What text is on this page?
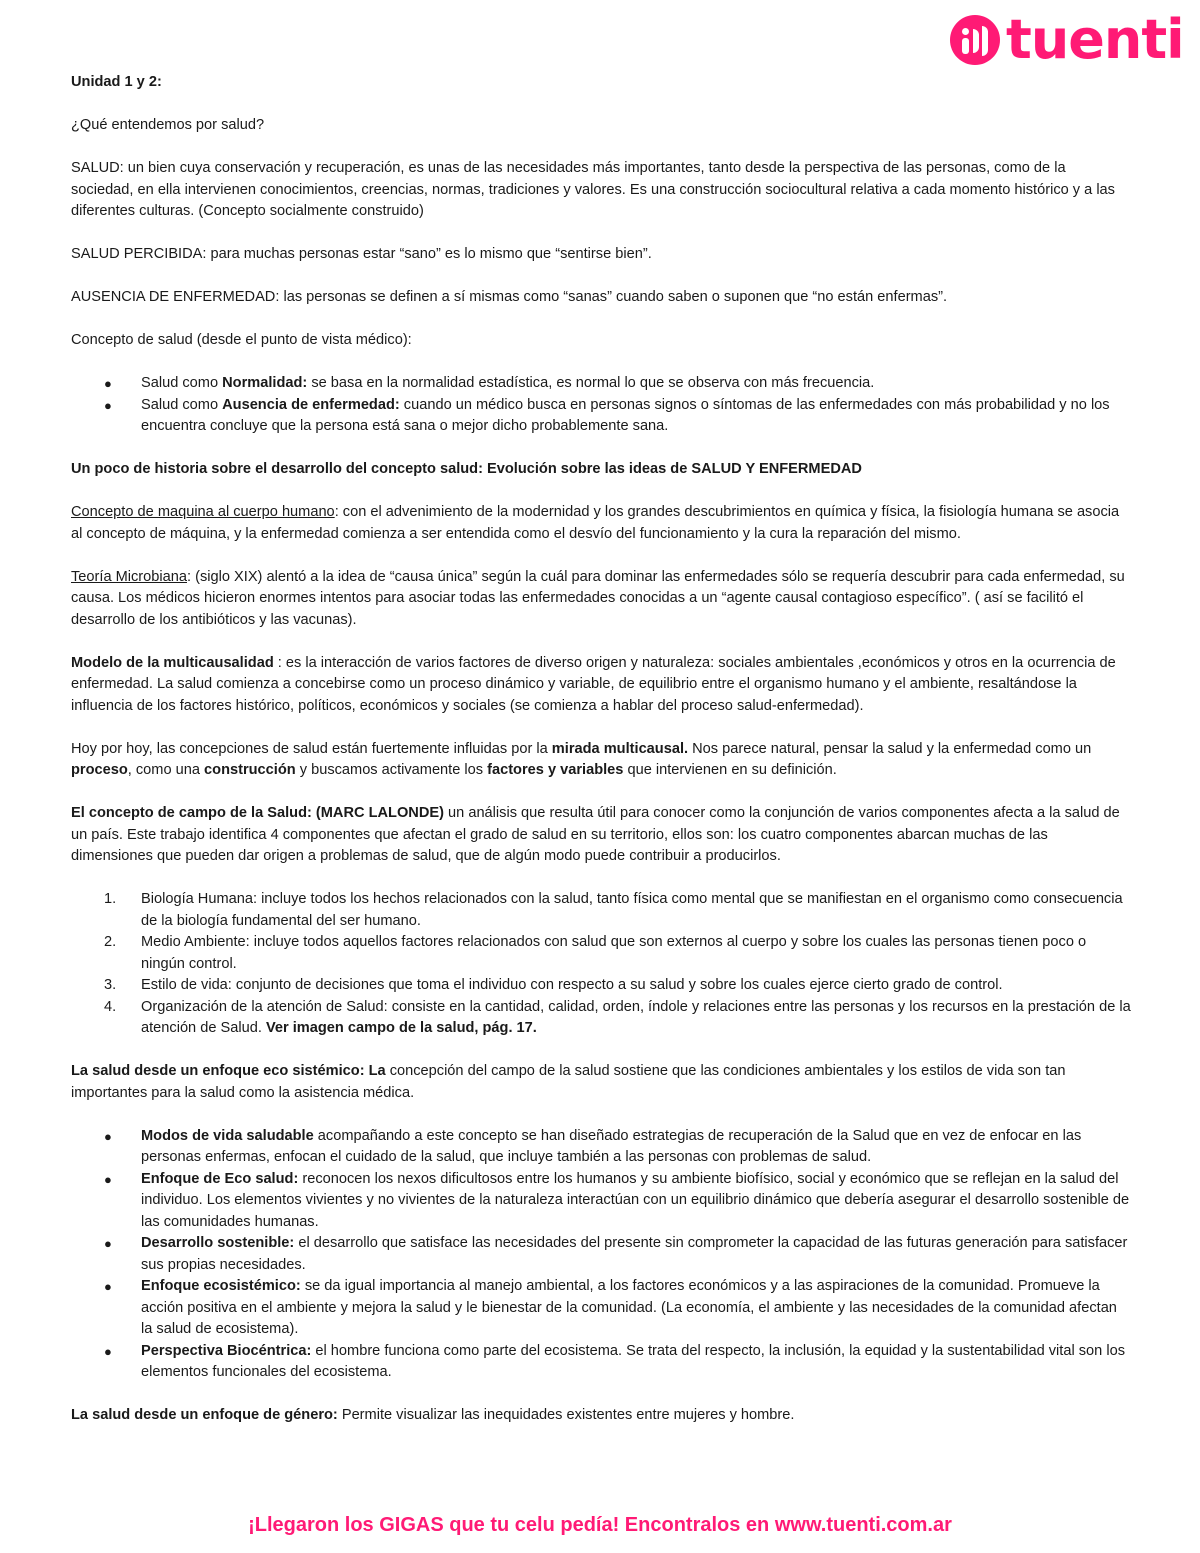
tuenti

Unidad 1 y 2:

¿Qué entendemos por salud?

SALUD: un bien cuya conservación y recuperación, es unas de las necesidades más importantes, tanto desde la perspectiva de las personas, como de la sociedad, en ella intervienen conocimientos, creencias, normas, tradiciones y valores. Es una construcción sociocultural relativa a cada momento histórico y a las diferentes culturas. (Concepto socialmente construido)

SALUD PERCIBIDA: para muchas personas estar “sano” es lo mismo que “sentirse bien”.

AUSENCIA DE ENFERMEDAD: las personas se definen a sí mismas como “sanas” cuando saben o suponen que “no están enfermas”.

Concepto de salud (desde el punto de vista médico):

● Salud como Normalidad: se basa en la normalidad estadística, es normal lo que se observa con más frecuencia.
● Salud como Ausencia de enfermedad: cuando un médico busca en personas signos o síntomas de las enfermedades con más probabilidad y no los encuentra concluye que la persona está sana o mejor dicho probablemente sana.

Un poco de historia sobre el desarrollo del concepto salud: Evolución sobre las ideas de SALUD Y ENFERMEDAD

Concepto de maquina al cuerpo humano: con el advenimiento de la modernidad y los grandes descubrimientos en química y física, la fisiología humana se asocia al concepto de máquina, y la enfermedad comienza a ser entendida como el desvío del funcionamiento y la cura la reparación del mismo.

Teoría Microbiana: (siglo XIX) alentó a la idea de “causa única” según la cuál para dominar las enfermedades sólo se requería descubrir para cada enfermedad, su causa. Los médicos hicieron enormes intentos para asociar todas las enfermedades conocidas a un “agente causal contagioso específico”. ( así se facilitó el desarrollo de los antibióticos y las vacunas).

Modelo de la multicausalidad : es la interacción de varios factores de diverso origen y naturaleza: sociales ambientales ,económicos y otros en la ocurrencia de enfermedad. La salud comienza a concebirse como un proceso dinámico y variable, de equilibrio entre el organismo humano y el ambiente, resaltándose la influencia de los factores histórico, políticos, económicos y sociales (se comienza a hablar del proceso salud-enfermedad).

Hoy por hoy, las concepciones de salud están fuertemente influidas por la mirada multicausal. Nos parece natural, pensar la salud y la enfermedad como un proceso, como una construcción y buscamos activamente los factores y variables que intervienen en su definición.

El concepto de campo de la Salud: (MARC LALONDE) un análisis que resulta útil para conocer como la conjunción de varios componentes afecta a la salud de un país. Este trabajo identifica 4 componentes que afectan el grado de salud en su territorio, ellos son: los cuatro componentes abarcan muchas de las dimensiones que pueden dar origen a problemas de salud, que de algún modo puede contribuir a producirlos.

1. Biología Humana: incluye todos los hechos relacionados con la salud, tanto física como mental que se manifiestan en el organismo como consecuencia de la biología fundamental del ser humano.
2. Medio Ambiente: incluye todos aquellos factores relacionados con salud que son externos al cuerpo y sobre los cuales las personas tienen poco o ningún control.
3. Estilo de vida: conjunto de decisiones que toma el individuo con respecto a su salud y sobre los cuales ejerce cierto grado de control.
4. Organización de la atención de Salud: consiste en la cantidad, calidad, orden, índole y relaciones entre las personas y los recursos en la prestación de la atención de Salud. Ver imagen campo de la salud, pág. 17.

La salud desde un enfoque eco sistémico: La concepción del campo de la salud sostiene que las condiciones ambientales y los estilos de vida son tan importantes para la salud como la asistencia médica.

● Modos de vida saludable acompañando a este concepto se han diseñado estrategias de recuperación de la Salud que en vez de enfocar en las personas enfermas, enfocan el cuidado de la salud, que incluye también a las personas con problemas de salud.
● Enfoque de Eco salud: reconocen los nexos dificultosos entre los humanos y su ambiente biofísico, social y económico que se reflejan en la salud del individuo. Los elementos vivientes y no vivientes de la naturaleza interactúan con un equilibrio dinámico que debería asegurar el desarrollo sostenible de las comunidades humanas.
● Desarrollo sostenible: el desarrollo que satisface las necesidades del presente sin comprometer la capacidad de las futuras generación para satisfacer sus propias necesidades.
● Enfoque ecosistémico: se da igual importancia al manejo ambiental, a los factores económicos y a las aspiraciones de la comunidad. Promueve la acción positiva en el ambiente y mejora la salud y le bienestar de la comunidad. (La economía, el ambiente y las necesidades de la comunidad afectan la salud de ecosistema).
● Perspectiva Biocéntrica: el hombre funciona como parte del ecosistema. Se trata del respecto, la inclusión, la equidad y la sustentabilidad vital son los elementos funcionales del ecosistema.

La salud desde un enfoque de género: Permite visualizar las inequidades existentes entre mujeres y hombre.

¡Llegaron los GIGAS que tu celu pedía! Encontralos en www.tuenti.com.ar
